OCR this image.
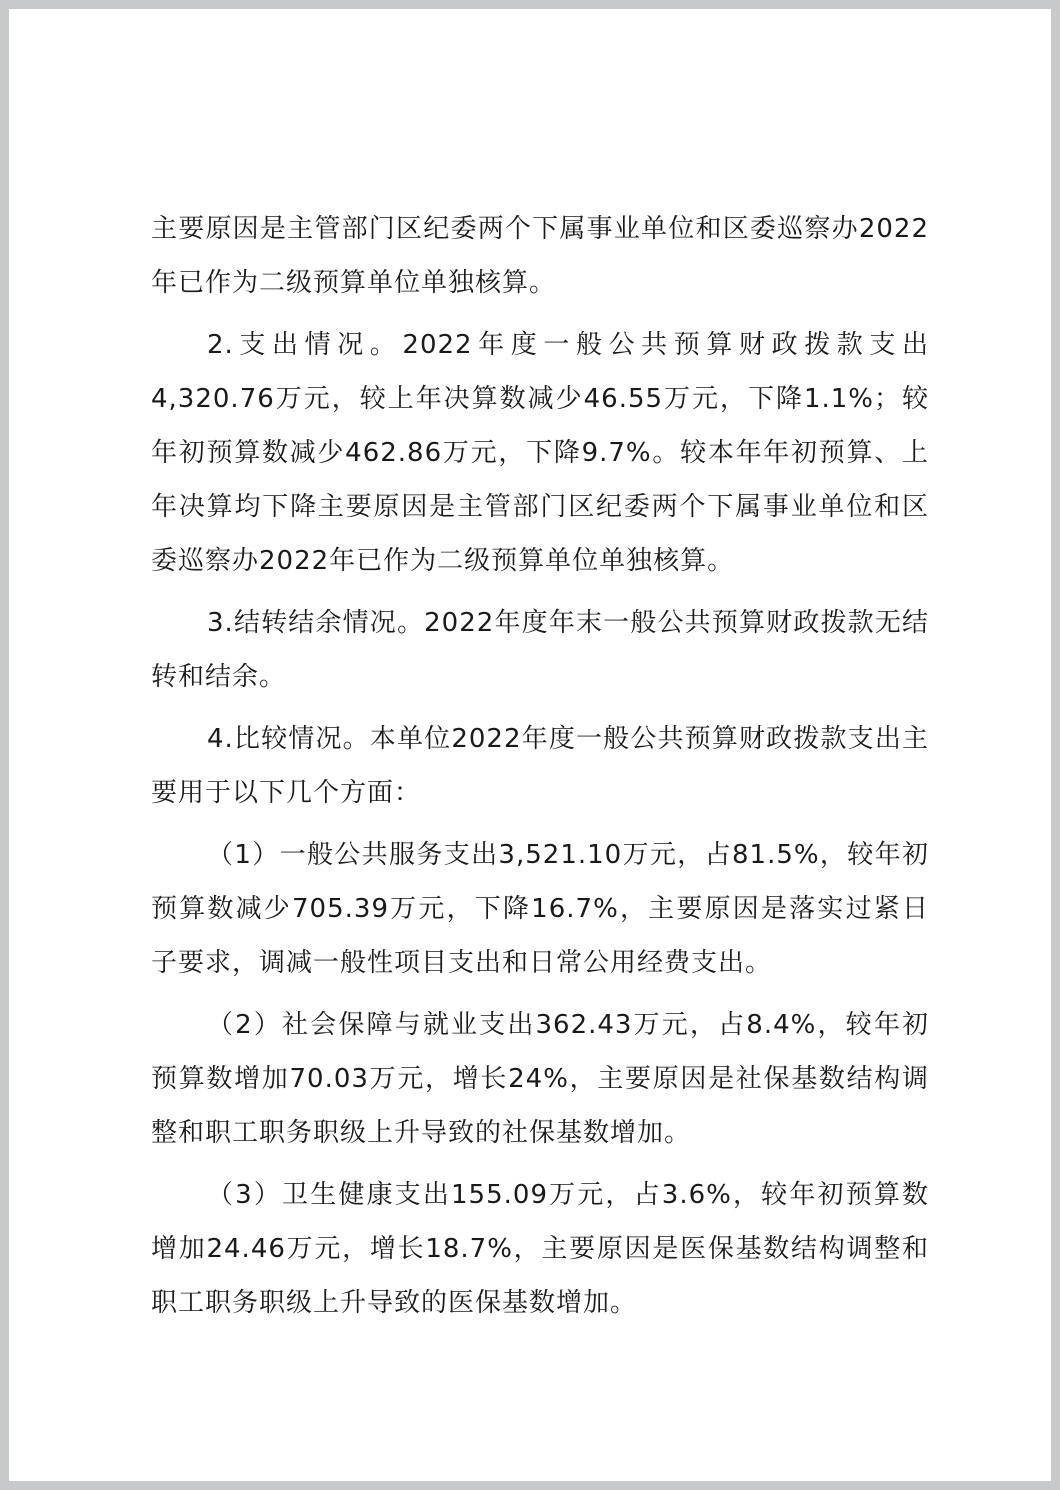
主要原因是主管部门区纪委两个下属事业单位和区委巡察办2022年已作为二级预算单位单独核算。

2.支出情况。2022年度一般公共预算财政拨款支出4,320.76万元，较上年决算数减少46.55万元，下降1.1%；较年初预算数减少462.86万元，下降9.7%。较本年年初预算、上年决算均下降主要原因是主管部门区纪委两个下属事业单位和区委巡察办2022年已作为二级预算单位单独核算。

3.结转结余情况。2022年度年末一般公共预算财政拨款无结转和结余。

4.比较情况。本单位2022年度一般公共预算财政拨款支出主要用于以下几个方面：

（1）一般公共服务支出3,521.10万元，占81.5%，较年初预算数减少705.39万元，下降16.7%，主要原因是落实过紧日子要求，调减一般性项目支出和日常公用经费支出。

（2）社会保障与就业支出362.43万元，占8.4%，较年初预算数增加70.03万元，增长24%，主要原因是社保基数结构调整和职工职务职级上升导致的社保基数增加。

（3）卫生健康支出155.09万元，占3.6%，较年初预算数增加24.46万元，增长18.7%，主要原因是医保基数结构调整和职工职务职级上升导致的医保基数增加。
